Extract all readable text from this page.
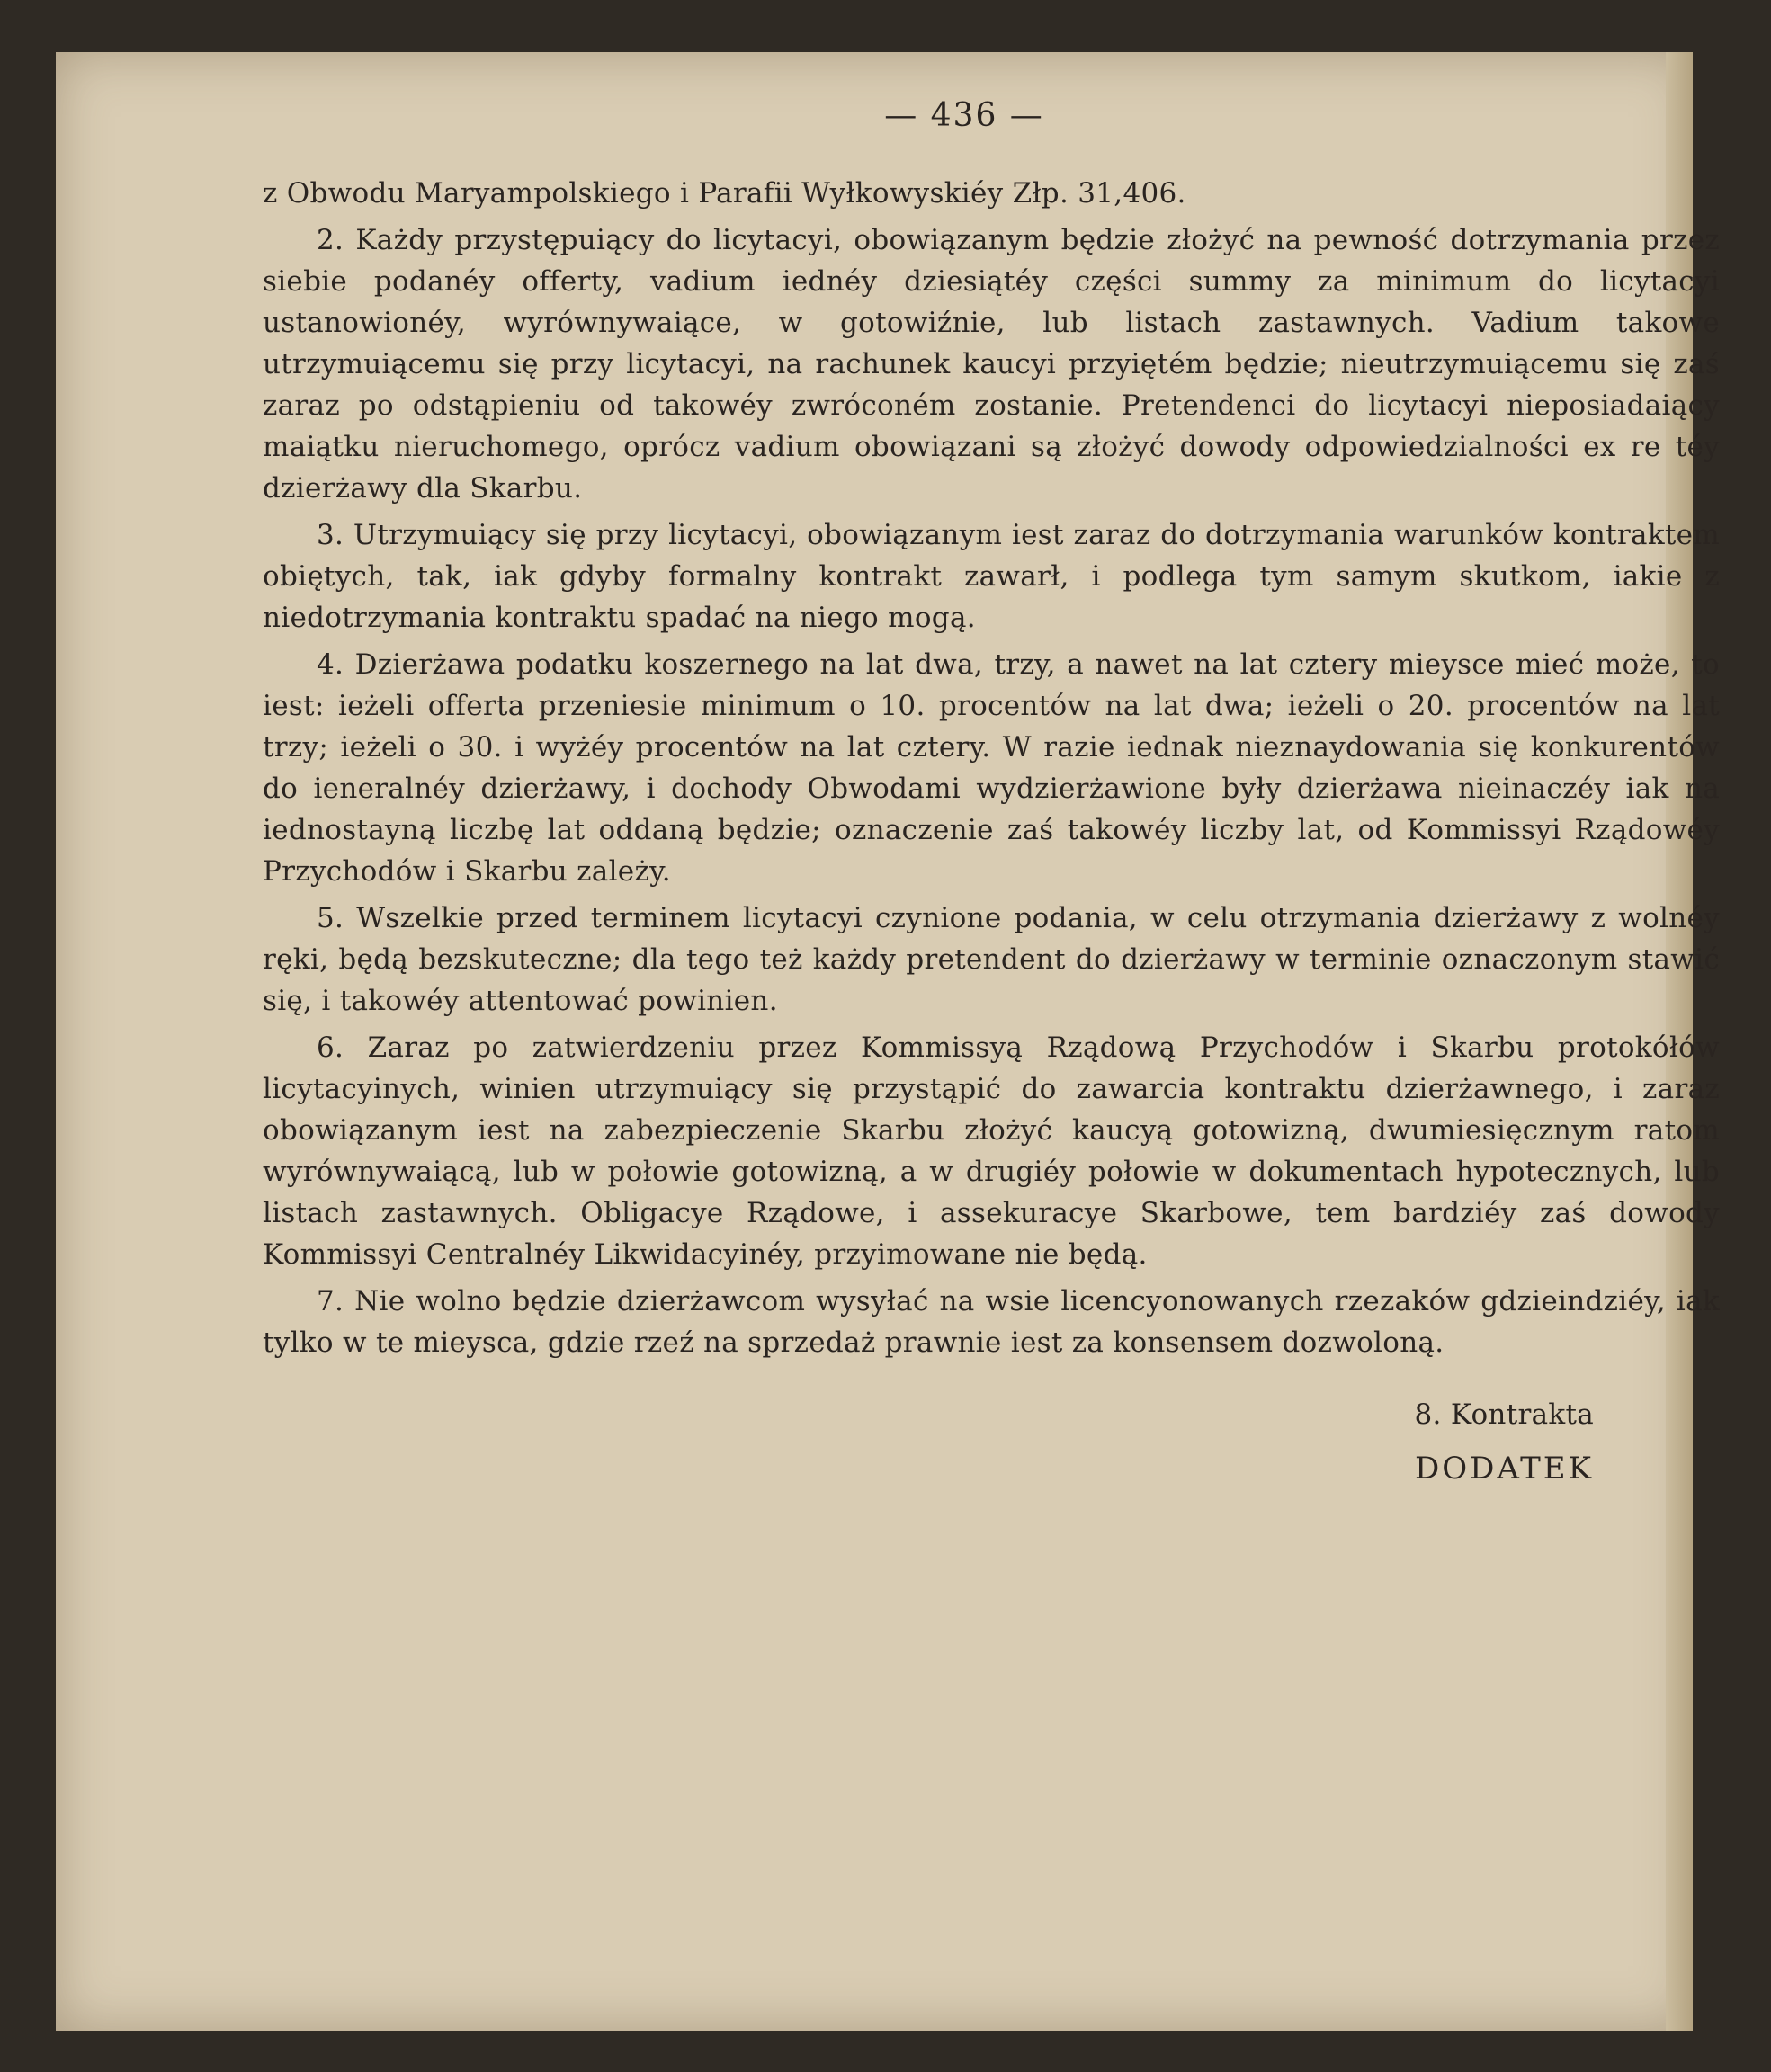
— 436 —

z Obwodu Maryampolskiego i Parafii Wyłkowyskiéy Złp. 31,406.

2. Każdy przystępuiący do licytacyi, obowiązanym będzie złożyć na pewność dotrzymania przez siebie podanéy offerty, vadium iednéy dziesiątéy części summy za minimum do licytacyi ustanowionéy, wyrównywaiące, w gotowiźnie, lub listach zastawnych. Vadium takowe utrzymuiącemu się przy licytacyi, na rachunek kaucyi przyiętém będzie; nieutrzymuiącemu się zaś zaraz po odstąpieniu od takowéy zwróconém zostanie. Pretendenci do licytacyi nieposiadaiący maiątku nieruchomego, oprócz vadium obowiązani są złożyć dowody odpowiedzialności ex re téy dzierżawy dla Skarbu.

3. Utrzymuiący się przy licytacyi, obowiązanym iest zaraz do dotrzymania warunków kontraktem obiętych, tak, iak gdyby formalny kontrakt zawarł, i podlega tym samym skutkom, iakie z niedotrzymania kontraktu spadać na niego mogą.

4. Dzierżawa podatku koszernego na lat dwa, trzy, a nawet na lat cztery mieysce mieć może, to iest: ieżeli offerta przeniesie minimum o 10. procentów na lat dwa; ieżeli o 20. procentów na lat trzy; ieżeli o 30. i wyżéy procentów na lat cztery. W razie iednak nieznaydowania się konkurentów do ieneralnéy dzierżawy, i dochody Obwodami wydzierżawione były dzierżawa nieinaczéy iak na iednostayną liczbę lat oddaną będzie; oznaczenie zaś takowéy liczby lat, od Kommissyi Rządowéy Przychodów i Skarbu zależy.

5. Wszelkie przed terminem licytacyi czynione podania, w celu otrzymania dzierżawy z wolnéy ręki, będą bezskuteczne; dla tego też każdy pretendent do dzierżawy w terminie oznaczonym stawić się, i takowéy attentować powinien.

6. Zaraz po zatwierdzeniu przez Kommissyą Rządową Przychodów i Skarbu protokółów licytacyinych, winien utrzymuiący się przystąpić do zawarcia kontraktu dzierżawnego, i zaraz obowiązanym iest na zabezpieczenie Skarbu złożyć kaucyą gotowizną, dwumiesięcznym ratom wyrównywaiącą, lub w połowie gotowizną, a w drugiéy połowie w dokumentach hypotecznych, lub listach zastawnych. Obligacye Rządowe, i assekuracye Skarbowe, tem bardziéy zaś dowody Kommissyi Centralnéy Likwidacyinéy, przyimowane nie będą.

7. Nie wolno będzie dzierżawcom wysyłać na wsie licencyonowanych rzezaków gdzieindziéy, iak tylko w te mieysca, gdzie rzeź na sprzedaż prawnie iest za konsensem dozwoloną.

8. Kontrakta
DODATEK
